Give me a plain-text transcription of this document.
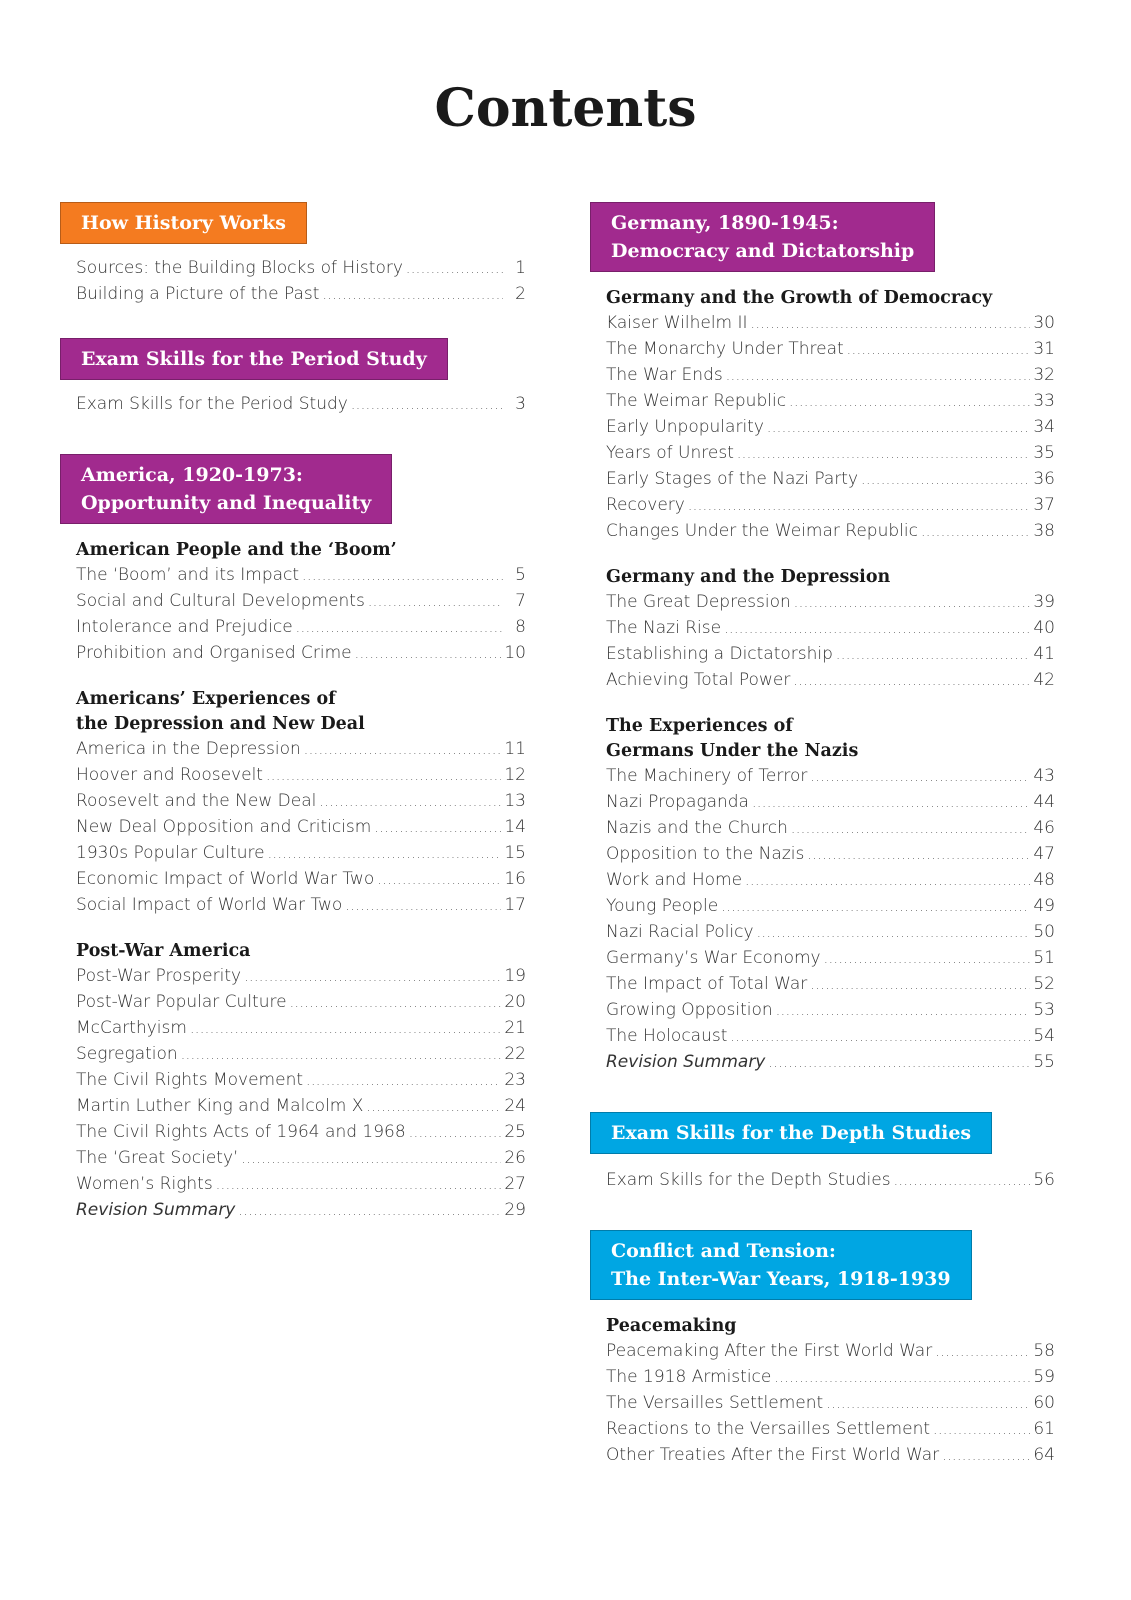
Contents
How History Works
Sources: the Building Blocks of History .....	1
Building a Picture of the Past .....	2
Exam Skills for the Period Study
Exam Skills for the Period Study .....	3
America, 1920-1973:
Opportunity and Inequality
American People and the ‘Boom’
The ‘Boom’ and its Impact .....	5
Social and Cultural Developments .....	7
Intolerance and Prejudice .....	8
Prohibition and Organised Crime .....	10
Americans’ Experiences of
the Depression and New Deal
America in the Depression .....	11
Hoover and Roosevelt .....	12
Roosevelt and the New Deal .....	13
New Deal Opposition and Criticism .....	14
1930s Popular Culture .....	15
Economic Impact of World War Two .....	16
Social Impact of World War Two .....	17
Post-War America
Post-War Prosperity .....	19
Post-War Popular Culture .....	20
McCarthyism .....	21
Segregation .....	22
The Civil Rights Movement .....	23
Martin Luther King and Malcolm X .....	24
The Civil Rights Acts of 1964 and 1968 .....	25
The ‘Great Society’ .....	26
Women’s Rights .....	27
Revision Summary .....	29
Germany, 1890-1945:
Democracy and Dictatorship
Germany and the Growth of Democracy
Kaiser Wilhelm II .....	30
The Monarchy Under Threat .....	31
The War Ends .....	32
The Weimar Republic .....	33
Early Unpopularity .....	34
Years of Unrest .....	35
Early Stages of the Nazi Party .....	36
Recovery .....	37
Changes Under the Weimar Republic .....	38
Germany and the Depression
The Great Depression .....	39
The Nazi Rise .....	40
Establishing a Dictatorship .....	41
Achieving Total Power .....	42
The Experiences of
Germans Under the Nazis
The Machinery of Terror .....	43
Nazi Propaganda .....	44
Nazis and the Church .....	46
Opposition to the Nazis .....	47
Work and Home .....	48
Young People .....	49
Nazi Racial Policy .....	50
Germany’s War Economy .....	51
The Impact of Total War .....	52
Growing Opposition .....	53
The Holocaust .....	54
Revision Summary .....	55
Exam Skills for the Depth Studies
Exam Skills for the Depth Studies .....	56
Conflict and Tension:
The Inter-War Years, 1918-1939
Peacemaking
Peacemaking After the First World War .....	58
The 1918 Armistice .....	59
The Versailles Settlement .....	60
Reactions to the Versailles Settlement .....	61
Other Treaties After the First World War .....	64
